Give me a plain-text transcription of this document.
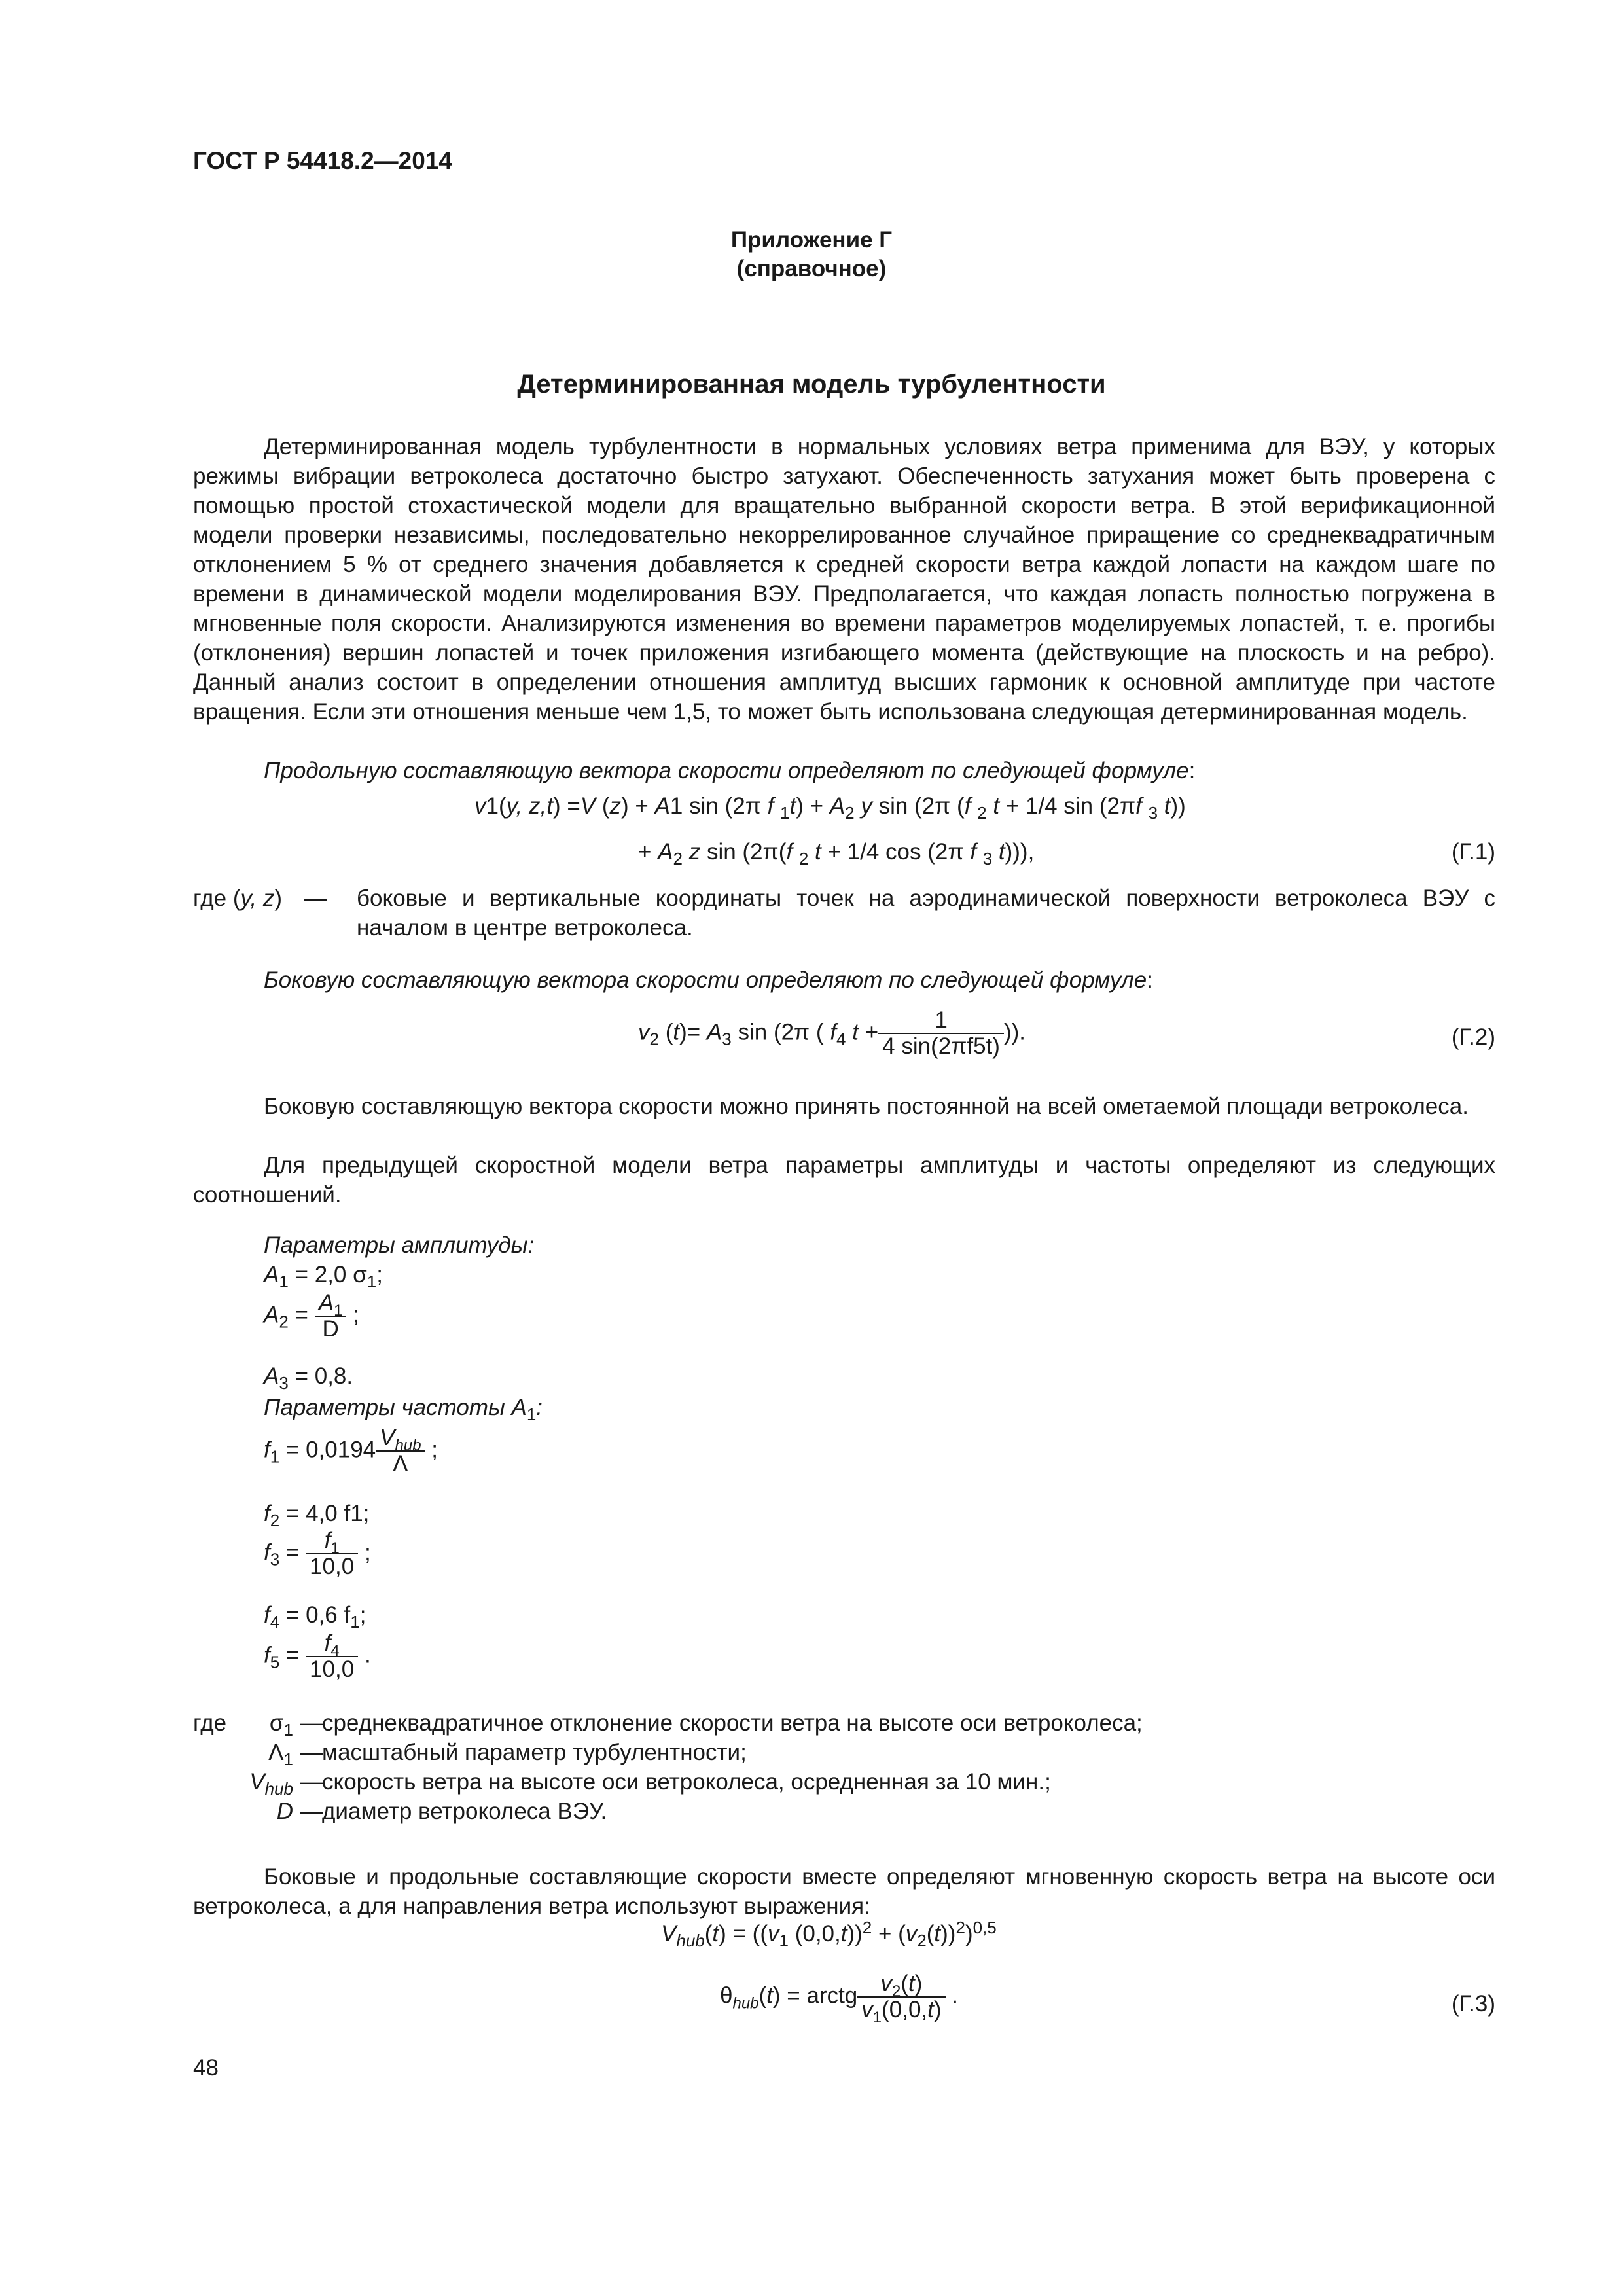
ГОСТ Р 54418.2—2014
Приложение Г
(справочное)
Детерминированная модель турбулентности
Детерминированная модель турбулентности в нормальных условиях ветра применима для ВЭУ, у которых режимы вибрации ветроколеса достаточно быстро затухают. Обеспеченность затухания может быть проверена с помощью простой стохастической модели для вращательно выбранной скорости ветра. В этой верификационной модели проверки независимы, последовательно некоррелированное случайное приращение со среднеквадратичным отклонением 5 % от среднего значения добавляется к средней скорости ветра каждой лопасти на каждом шаге по времени в динамической модели моделирования ВЭУ. Предполагается, что каждая лопасть полностью погружена в мгновенные поля скорости. Анализируются изменения во времени параметров моделируемых лопастей, т. е. прогибы (отклонения) вершин лопастей и точек приложения изгибающего момента (действующие на плоскость и на ребро). Данный анализ состоит в определении отношения амплитуд высших гармоник к основной амплитуде при частоте вращения. Если эти отношения меньше чем 1,5, то может быть использована следующая детерминированная модель.
Продольную составляющую вектора скорости определяют по следующей формуле:
v1(y, z,t) =V (z) + A1 sin (2π f $_1t) + A_2$ y sin (2π (f $_2$ t + 1/4 sin (2πf $_3$ t))
+ $A_2$ z sin (2π(f $_2$ t + 1/4 cos (2π f $_3$ t))),	(Г.1)
где (y, z) — боковые и вертикальные координаты точек на аэродинамической поверхности ветроколеса ВЭУ с началом в центре ветроколеса.
Боковую составляющую вектора скорости определяют по следующей формуле:
$v_2$ $(t)= A_3$ sin (2π ( $f_4$ $t + \frac{1}{4 \sin(2\pi f5t)}$ )).	(Г.2)
Боковую составляющую вектора скорости можно принять постоянной на всей ометаемой площади ветроколеса.
Для предыдущей скоростной модели ветра параметры амплитуды и частоты определяют из следующих соотношений.
Параметры амплитуды:
$A_1 = 2,0$ $\sigma_1$;
$A_2 = \frac{A_1}{D}$ ;
$A_3 = 0,8$.
Параметры частоты $A_1$:
$f_1 = 0,0194 \frac{V_{hub}}{\Lambda}$ ;
$f_2 = 4,0$ f1;
$f_3 = \frac{f_1}{10,0}$ ;
$f_4 = 0,6$ $f_1$;
$f_5 = \frac{f_4}{10,0}$ .
где	$\sigma_1$ — среднеквадратичное отклонение скорости ветра на высоте оси ветроколеса;
$\Lambda_1$ — масштабный параметр турбулентности;
$V_{hub}$ — скорость ветра на высоте оси ветроколеса, осредненная за 10 мин.;
D — диаметр ветроколеса ВЭУ.
Боковые и продольные составляющие скорости вместе определяют мгновенную скорость ветра на высоте оси ветроколеса, а для направления ветра используют выражения:
$V_{hub}(t) = ((v_1$ $(0,0,t))^2 + (v_2(t))^2)^{0,5}$
$\theta_{hub}(t)$ = arctg $\frac{v_2(t)}{v_1(0,0,t)}$ .	(Г.3)
48
